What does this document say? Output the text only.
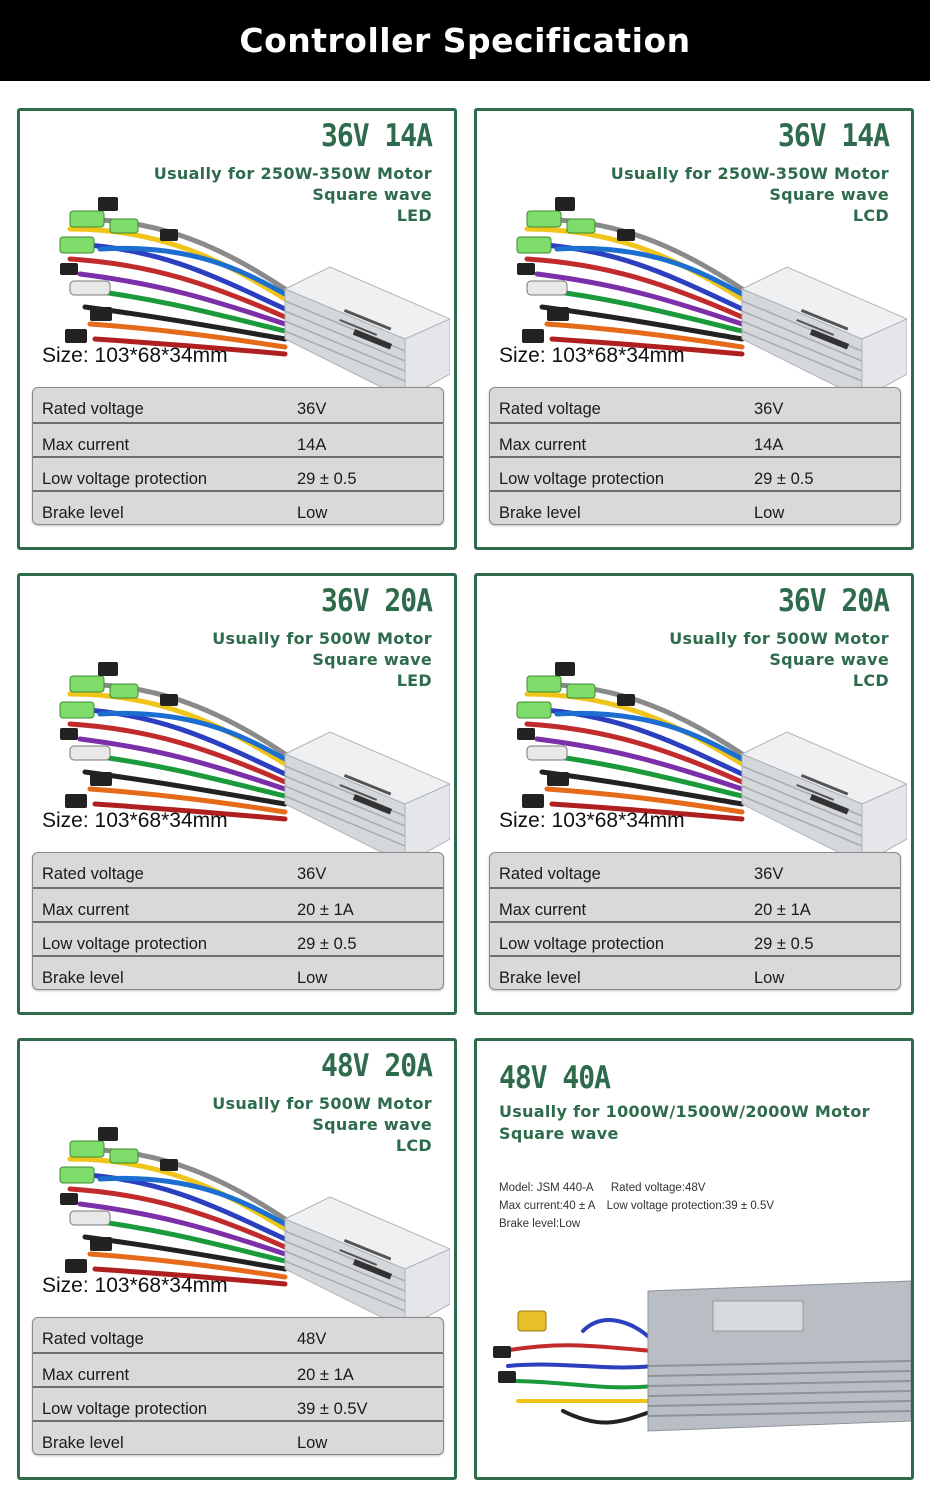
Controller Specification
36V 14A
Usually for 250W-350W Motor
Square wave
LED
Size: 103*68*34mm
Rated voltage	36V
Max current	14A
Low voltage protection	29 ± 0.5
Brake level	Low
36V 14A
Usually for 250W-350W Motor
Square wave
LCD
Size: 103*68*34mm
Rated voltage	36V
Max current	14A
Low voltage protection	29 ± 0.5
Brake level	Low
36V 20A
Usually for 500W Motor
Square wave
LED
Size: 103*68*34mm
Rated voltage	36V
Max current	20 ± 1A
Low voltage protection	29 ± 0.5
Brake level	Low
36V 20A
Usually for 500W Motor
Square wave
LCD
Size: 103*68*34mm
Rated voltage	36V
Max current	20 ± 1A
Low voltage protection	29 ± 0.5
Brake level	Low
48V 20A
Usually for 500W Motor
Square wave
LCD
Size: 103*68*34mm
Rated voltage	48V
Max current	20 ± 1A
Low voltage protection	39 ± 0.5V
Brake level	Low
48V 40A
Usually for 1000W/1500W/2000W Motor
Square wave
Model: JSM 440-A Rated voltage:48V
Max current:40 ± A Low voltage protection:39 ± 0.5V
Brake level:Low
